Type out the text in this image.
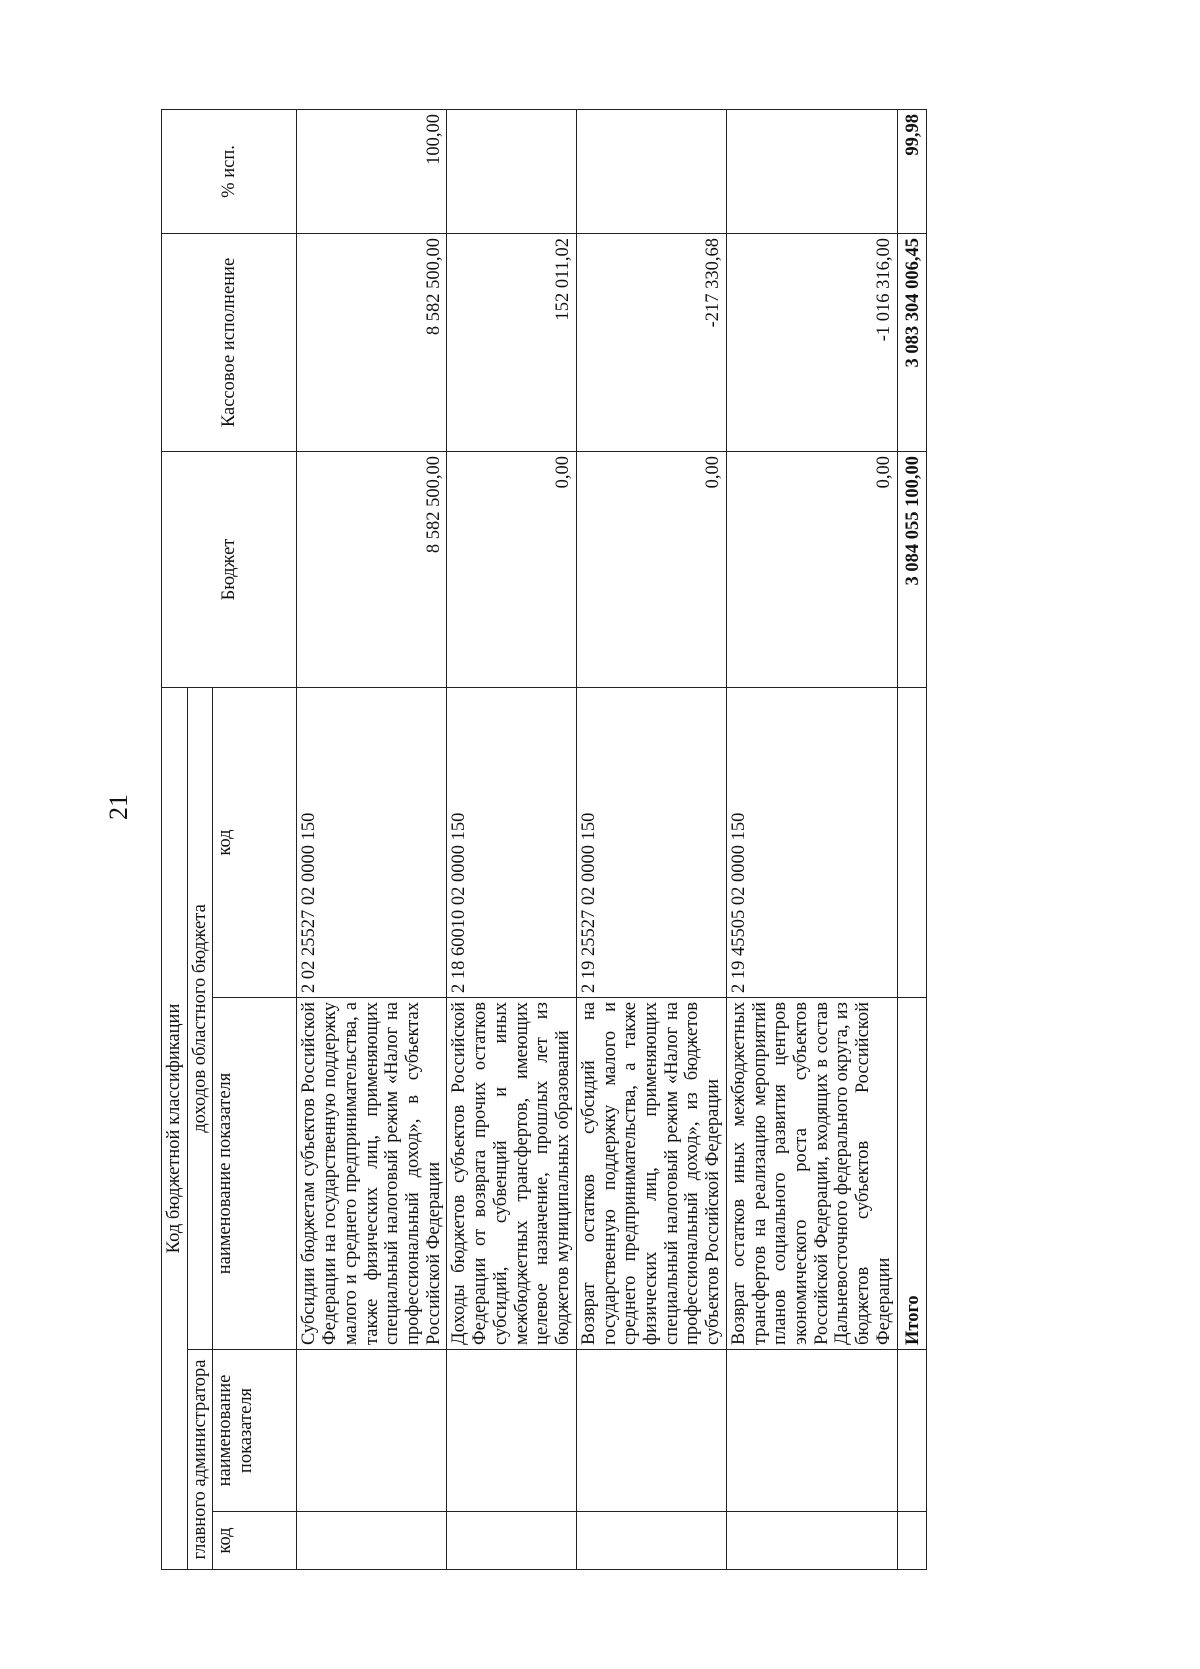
21
Код бюджетной классификации				Бюджет	Кассовое исполнение	% исп.
главного администратора		доходов областного бюджета				
код	наименование показателя	наименование показателя	код			
		Субсидии бюджетам субъектов Российской Федерации на государственную поддержку малого и среднего предпринимательства, а также физических лиц, применяющих специальный налоговый режим «Налог на профессиональный доход», в субъектах Российской Федерации	2 02 25527 02 0000 150	8 582 500,00	8 582 500,00	100,00
		Доходы бюджетов субъектов Российской Федерации от возврата прочих остатков субсидий, субвенций и иных межбюджетных трансфертов, имеющих целевое назначение, прошлых лет из бюджетов муниципальных образований	2 18 60010 02 0000 150	0,00	152 011,02	
		Возврат остатков субсидий на государственную поддержку малого и среднего предпринимательства, а также физических лиц, применяющих специальный налоговый режим «Налог на профессиональный доход», из бюджетов субъектов Российской Федерации	2 19 25527 02 0000 150	0,00	-217 330,68	
		Возврат остатков иных межбюджетных трансфертов на реализацию мероприятий планов социального развития центров экономического роста субъектов Российской Федерации, входящих в состав Дальневосточного федерального округа, из бюджетов субъектов Российской Федерации	2 19 45505 02 0000 150	0,00	-1 016 316,00	
		Итого		3 084 055 100,00	3 083 304 006,45	99,98
